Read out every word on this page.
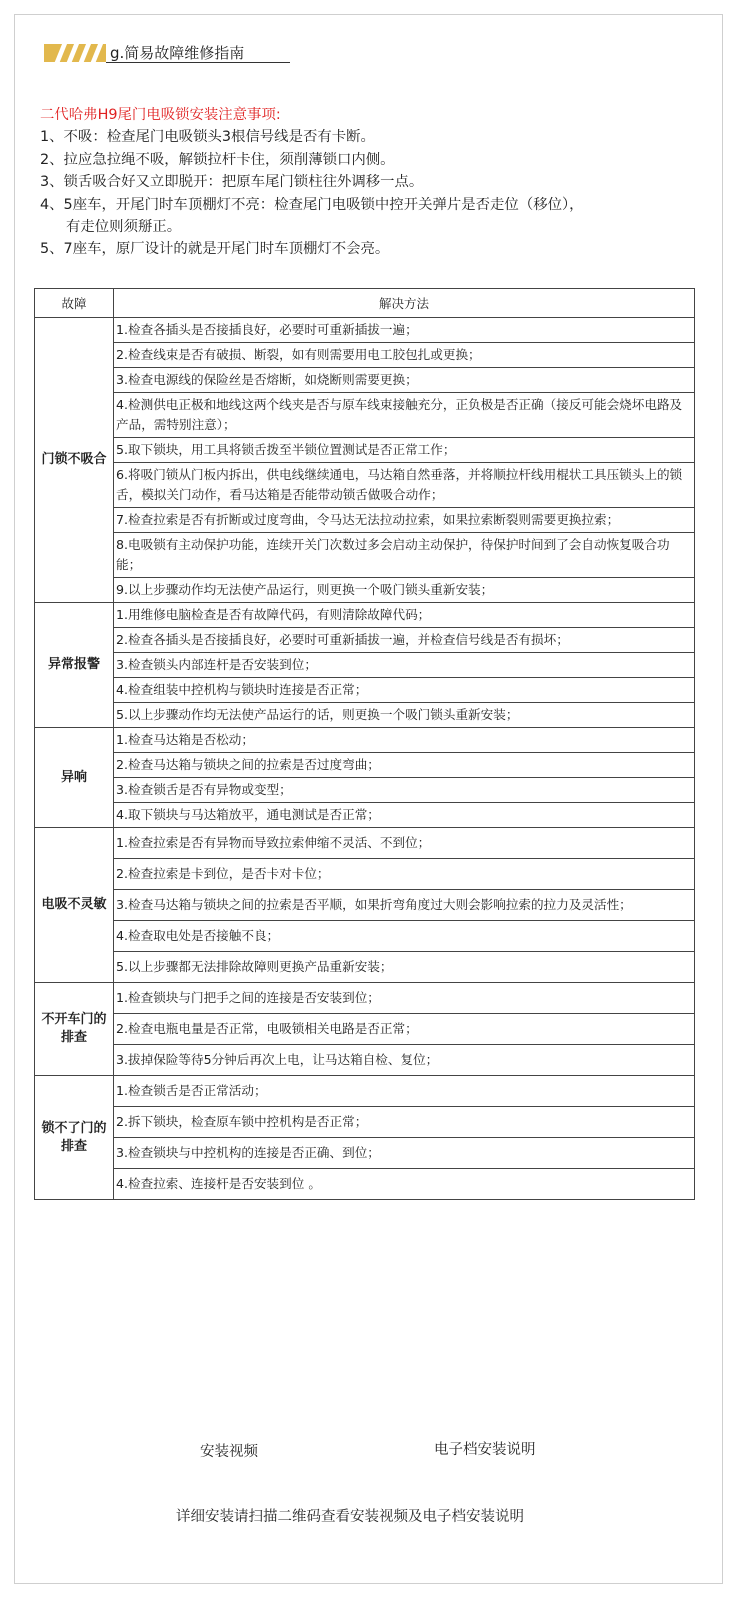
g.简易故障维修指南
二代哈弗H9尾门电吸锁安装注意事项:
1、不吸：检查尾门电吸锁头3根信号线是否有卡断。
2、拉应急拉绳不吸，解锁拉杆卡住，须削薄锁口内侧。
3、锁舌吸合好又立即脱开：把原车尾门锁柱往外调移一点。
4、5座车，开尾门时车顶棚灯不亮：检查尾门电吸锁中控开关弹片是否走位（移位），
有走位则须掰正。
5、7座车，原厂设计的就是开尾门时车顶棚灯不会亮。
故障	解决方法
门锁不吸合	1.检查各插头是否接插良好，必要时可重新插拔一遍；
	2.检查线束是否有破损、断裂，如有则需要用电工胶包扎或更换；
	3.检查电源线的保险丝是否熔断，如烧断则需要更换；
	4.检测供电正极和地线这两个线夹是否与原车线束接触充分，正负极是否正确（接反可能会烧坏电路及产品，需特别注意）；
	5.取下锁块，用工具将锁舌拨至半锁位置测试是否正常工作；
	6.将吸门锁从门板内拆出，供电线继续通电，马达箱自然垂落，并将顺拉杆线用棍状工具压锁头上的锁舌，模拟关门动作，看马达箱是否能带动锁舌做吸合动作；
	7.检查拉索是否有折断或过度弯曲，令马达无法拉动拉索，如果拉索断裂则需要更换拉索；
	8.电吸锁有主动保护功能，连续开关门次数过多会启动主动保护，待保护时间到了会自动恢复吸合功能；
	9.以上步骤动作均无法使产品运行，则更换一个吸门锁头重新安装；
异常报警	1.用维修电脑检查是否有故障代码，有则清除故障代码；
	2.检查各插头是否接插良好，必要时可重新插拔一遍，并检查信号线是否有损坏；
	3.检查锁头内部连杆是否安装到位；
	4.检查组装中控机构与锁块时连接是否正常；
	5.以上步骤动作均无法使产品运行的话，则更换一个吸门锁头重新安装；
异响	1.检查马达箱是否松动；
	2.检查马达箱与锁块之间的拉索是否过度弯曲；
	3.检查锁舌是否有异物或变型；
	4.取下锁块与马达箱放平，通电测试是否正常；
电吸不灵敏	1.检查拉索是否有异物而导致拉索伸缩不灵活、不到位；
	2.检查拉索是卡到位，是否卡对卡位；
	3.检查马达箱与锁块之间的拉索是否平顺，如果折弯角度过大则会影响拉索的拉力及灵活性；
	4.检查取电处是否接触不良；
	5.以上步骤都无法排除故障则更换产品重新安装；
不开车门的排查	1.检查锁块与门把手之间的连接是否安装到位；
	2.检查电瓶电量是否正常，电吸锁相关电路是否正常；
	3.拔掉保险等待5分钟后再次上电，让马达箱自检、复位；
锁不了门的排查	1.检查锁舌是否正常活动；
	2.拆下锁块，检查原车锁中控机构是否正常；
	3.检查锁块与中控机构的连接是否正确、到位；
	4.检查拉索、连接杆是否安装到位 。
安装视频	电子档安装说明
详细安装请扫描二维码查看安装视频及电子档安装说明
